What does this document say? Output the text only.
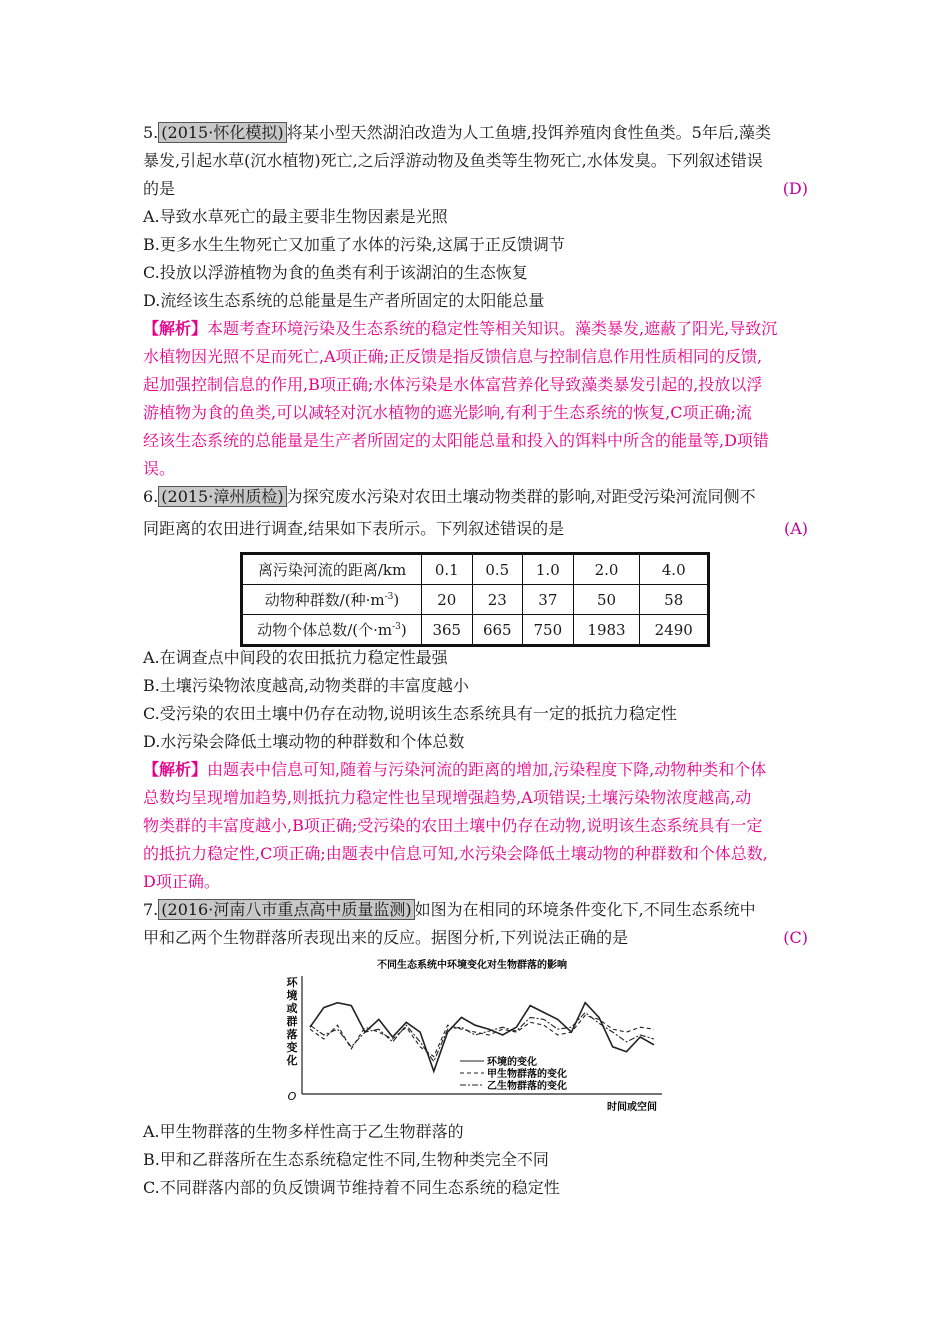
5. (2015·怀化模拟) 将某小型天然湖泊改造为人工鱼塘,投饵养殖肉食性鱼类。5年后,藻类
暴发,引起水草(沉水植物)死亡,之后浮游动物及鱼类等生物死亡,水体发臭。下列叙述错误
的是	(D)
A.导致水草死亡的最主要非生物因素是光照
B.更多水生生物死亡又加重了水体的污染,这属于正反馈调节
C.投放以浮游植物为食的鱼类有利于该湖泊的生态恢复
D.流经该生态系统的总能量是生产者所固定的太阳能总量
【解析】本题考查环境污染及生态系统的稳定性等相关知识。藻类暴发,遮蔽了阳光,导致沉
水植物因光照不足而死亡,A项正确;正反馈是指反馈信息与控制信息作用性质相同的反馈,
起加强控制信息的作用,B项正确;水体污染是水体富营养化导致藻类暴发引起的,投放以浮
游植物为食的鱼类,可以减轻对沉水植物的遮光影响,有利于生态系统的恢复,C项正确;流
经该生态系统的总能量是生产者所固定的太阳能总量和投入的饵料中所含的能量等,D项错
误。
6. (2015·漳州质检) 为探究废水污染对农田土壤动物类群的影响,对距受污染河流同侧不
同距离的农田进行调查,结果如下表所示。下列叙述错误的是	(A)
离污染河流的距离/km	0.1	0.5	1.0	2.0	4.0
动物种群数/(种$\cdot m^{-3}$)	20	23	37	50	58
动物个体总数/(个$\cdot m^{-3}$)	365	665	750	1983	2490
A.在调查点中间段的农田抵抗力稳定性最强
B.土壤污染物浓度越高,动物类群的丰富度越小
C.受污染的农田土壤中仍存在动物,说明该生态系统具有一定的抵抗力稳定性
D.水污染会降低土壤动物的种群数和个体总数
【解析】由题表中信息可知,随着与污染河流的距离的增加,污染程度下降,动物种类和个体
总数均呈现增加趋势,则抵抗力稳定性也呈现增强趋势,A项错误;土壤污染物浓度越高,动
物类群的丰富度越小,B项正确;受污染的农田土壤中仍存在动物,说明该生态系统具有一定
的抵抗力稳定性,C项正确;由题表中信息可知,水污染会降低土壤动物的种群数和个体总数,
D项正确。
7. (2016·河南八市重点高中质量监测) 如图为在相同的环境条件变化下,不同生态系统中
甲和乙两个生物群落所表现出来的反应。据图分析,下列说法正确的是	(C)
不同生态系统中环境变化对生物群落的影响
环境或群落变化
O
环境的变化
甲生物群落的变化
乙生物群落的变化
时间或空间
A.甲生物群落的生物多样性高于乙生物群落的
B.甲和乙群落所在生态系统稳定性不同,生物种类完全不同
C.不同群落内部的负反馈调节维持着不同生态系统的稳定性
